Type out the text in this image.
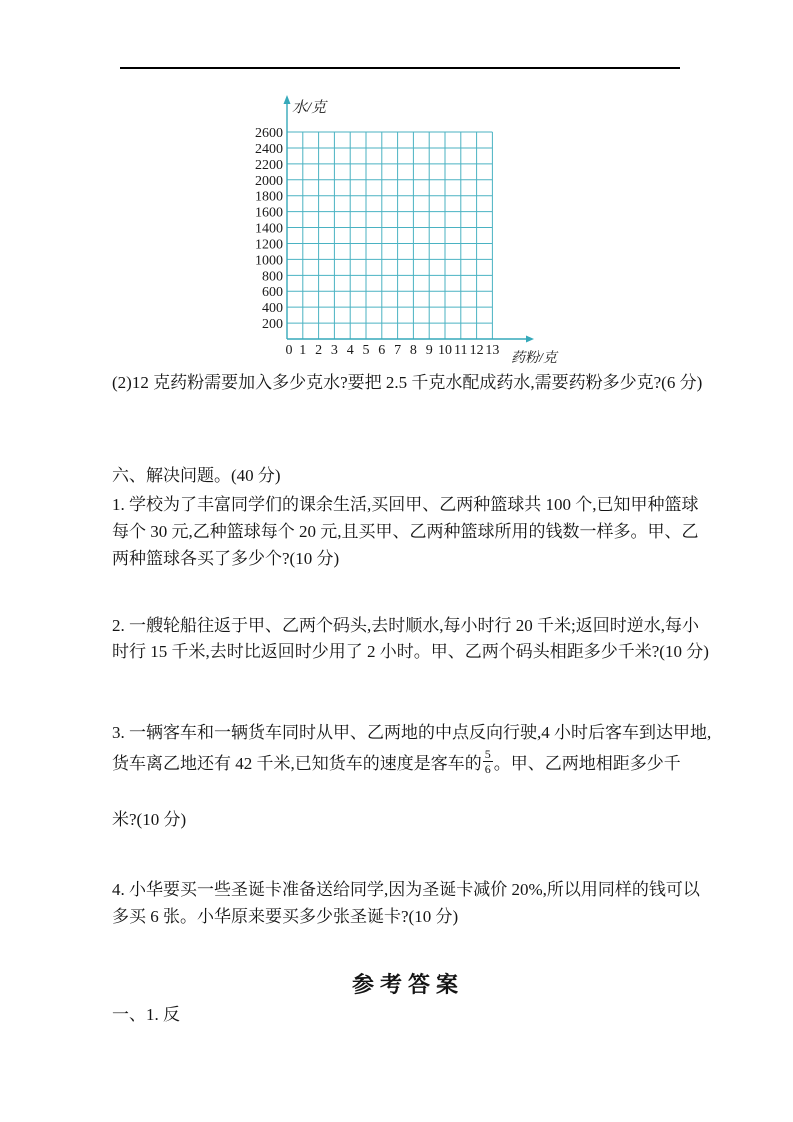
水/克
药粉/克
200
400
600
800
1000
1200
1400
1600
1800
2000
2200
2400
2600
0 1 2 3 4 5 6 7 8 9 10 11 12 13
(2)12 克药粉需要加入多少克水?要把 2.5 千克水配成药水,需要药粉多少克?(6 分)
六、解决问题。(40 分)
1. 学校为了丰富同学们的课余生活,买回甲、乙两种篮球共 100 个,已知甲种篮球
每个 30 元,乙种篮球每个 20 元,且买甲、乙两种篮球所用的钱数一样多。甲、乙
两种篮球各买了多少个?(10 分)
2. 一艘轮船往返于甲、乙两个码头,去时顺水,每小时行 20 千米;返回时逆水,每小
时行 15 千米,去时比返回时少用了 2 小时。甲、乙两个码头相距多少千米?(10 分)
3. 一辆客车和一辆货车同时从甲、乙两地的中点反向行驶,4 小时后客车到达甲地,
货车离乙地还有 42 千米,已知货车的速度是客车的 $\frac{5}{6}$ 。甲、乙两地相距多少千
米?(10 分)
4. 小华要买一些圣诞卡准备送给同学,因为圣诞卡减价 20%,所以用同样的钱可以
多买 6 张。小华原来要买多少张圣诞卡?(10 分)
参考答案
一、1. 反
